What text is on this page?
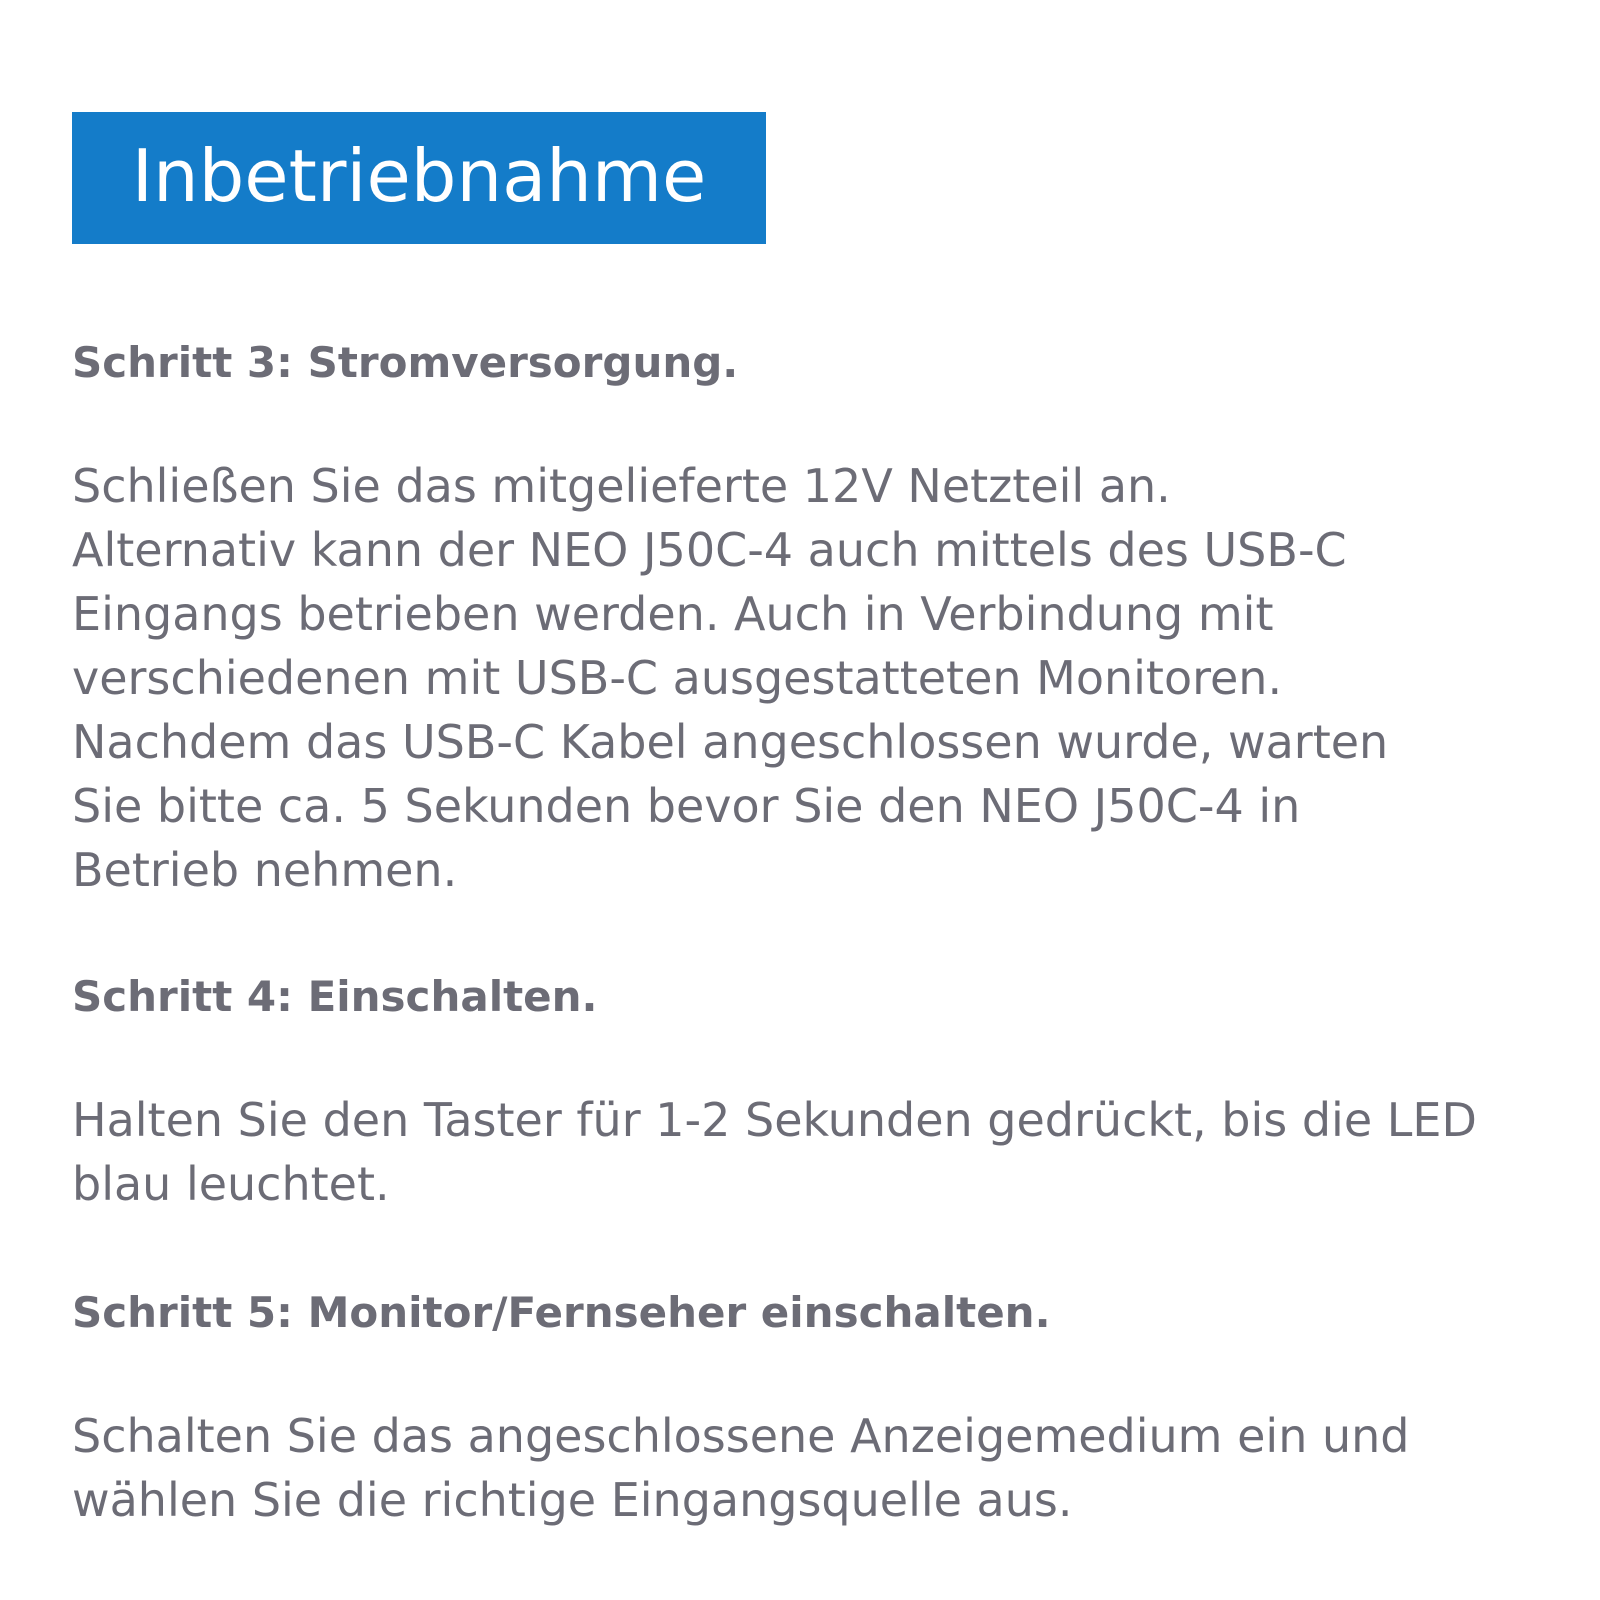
Inbetriebnahme
Schritt 3: Stromversorgung.
Schließen Sie das mitgelieferte 12V Netzteil an.
Alternativ kann der NEO J50C-4 auch mittels des USB-C
Eingangs betrieben werden. Auch in Verbindung mit
verschiedenen mit USB-C ausgestatteten Monitoren.
Nachdem das USB-C Kabel angeschlossen wurde, warten
Sie bitte ca. 5 Sekunden bevor Sie den NEO J50C-4 in
Betrieb nehmen.
Schritt 4: Einschalten.
Halten Sie den Taster für 1-2 Sekunden gedrückt, bis die LED
blau leuchtet.
Schritt 5: Monitor/Fernseher einschalten.
Schalten Sie das angeschlossene Anzeigemedium ein und
wählen Sie die richtige Eingangsquelle aus.
